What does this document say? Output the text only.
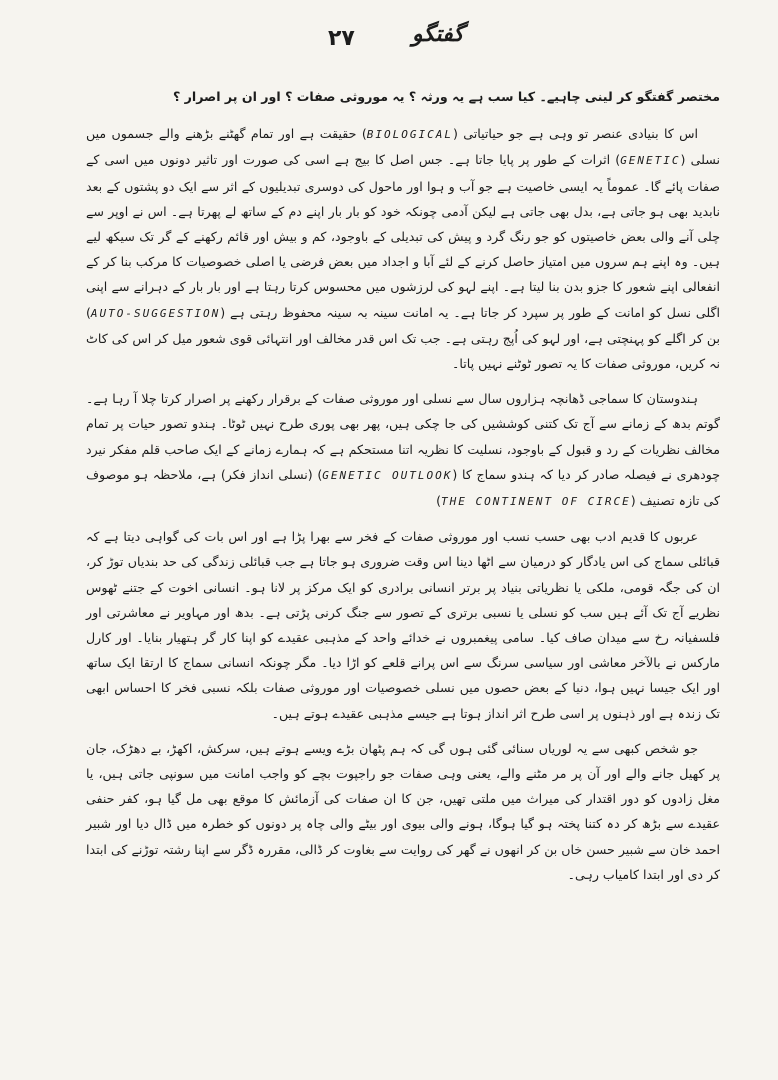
۲۷	گفتگو

مختصر گفتگو کر لینی چاہیے۔ کیا سب ہے یہ ورثہ ؟ یہ موروثی صفات ؟ اور ان پر اصرار ؟

اس کا بنیادی عنصر تو وہی ہے جو حیاتیاتی (BIOLOGICAL) حقیقت ہے اور تمام گھٹنے بڑھنے والے جسموں میں نسلی (GENETIC) اثرات کے طور پر پایا جاتا ہے۔ جس اصل کا بیج ہے اسی کی صورت اور تاثیر دونوں میں اسی کے صفات پائے گا۔ عموماً یہ ایسی خاصیت ہے جو آب و ہوا اور ماحول کی دوسری تبدیلیوں کے اثر سے ایک دو پشتوں کے بعد نابدید بھی ہو جاتی ہے، بدل بھی جاتی ہے لیکن آدمی چونکہ خود کو بار بار اپنے دم کے ساتھ لے پھرتا ہے۔ اس نے اوپر سے چلی آنے والی بعض خاصیتوں کو جو رنگ گرد و پیش کی تبدیلی کے باوجود، کم و بیش اور قائم رکھنے کے گر تک سیکھ لیے ہیں۔ وہ اپنے ہم سروں میں امتیاز حاصل کرنے کے لئے آبا و اجداد میں بعض فرضی یا اصلی خصوصیات کا مرکب بنا کر کے انفعالی اپنے شعور کا جزو بدن بنا لیتا ہے۔ اپنے لہو کی لرزشوں میں محسوس کرتا رہتا ہے اور بار بار کے دہرانے سے اپنی اگلی نسل کو امانت کے طور پر سپرد کر جاتا ہے۔ یہ امانت سینہ بہ سینہ محفوظ رہتی ہے (AUTO-SUGGESTION) بن کر اگلے کو پہنچتی ہے، اور لہو کی اُپج رہتی ہے۔ جب تک اس قدر مخالف اور انتہائی قوی شعور میل کر اس کی کاٹ نہ کریں، موروثی صفات کا یہ تصور ٹوٹنے نہیں پاتا۔

ہندوستان کا سماجی ڈھانچہ ہزاروں سال سے نسلی اور موروثی صفات کے برقرار رکھنے پر اصرار کرتا چلا آ رہا ہے۔ گوتم بدھ کے زمانے سے آج تک کتنی کوششیں کی جا چکی ہیں، پھر بھی پوری طرح نہیں ٹوٹا۔ ہندو تصور حیات پر تمام مخالف نظریات کے رد و قبول کے باوجود، نسلیت کا نظریہ اتنا مستحکم ہے کہ ہمارے زمانے کے ایک صاحب قلم مفکر نیرد چودھری نے فیصلہ صادر کر دیا کہ ہندو سماج کا (GENETIC OUTLOOK) (نسلی انداز فکر) ہے، ملاحظہ ہو موصوف کی تازہ تصنیف (THE CONTINENT OF CIRCE)

عربوں کا قدیم ادب بھی حسب نسب اور موروثی صفات کے فخر سے بھرا پڑا ہے اور اس بات کی گواہی دیتا ہے کہ قبائلی سماج کی اس یادگار کو درمیان سے اٹھا دینا اس وقت ضروری ہو جاتا ہے جب قبائلی زندگی کی حد بندیاں توڑ کر، ان کی جگہ قومی، ملکی یا نظریاتی بنیاد پر برتر انسانی برادری کو ایک مرکز پر لانا ہو۔ انسانی اخوت کے جتنے ٹھوس نظریے آج تک آئے ہیں سب کو نسلی یا نسبی برتری کے تصور سے جنگ کرنی پڑتی ہے۔ بدھ اور مہاویر نے معاشرتی اور فلسفیانہ رخ سے میدان صاف کیا۔ سامی پیغمبروں نے خدائے واحد کے مذہبی عقیدے کو اپنا کار گر ہتھیار بنایا۔ اور کارل مارکس نے بالآخر معاشی اور سیاسی سرنگ سے اس پرانے قلعے کو اڑا دیا۔ مگر چونکہ انسانی سماج کا ارتقا ایک ساتھ اور ایک جیسا نہیں ہوا، دنیا کے بعض حصوں میں نسلی خصوصیات اور موروثی صفات بلکہ نسبی فخر کا احساس ابھی تک زندہ ہے اور ذہنوں پر اسی طرح اثر انداز ہوتا ہے جیسے مذہبی عقیدے ہوتے ہیں۔

جو شخص کبھی سے یہ لوریاں سنائی گئی ہوں گی کہ ہم پٹھان بڑے ویسے ہوتے ہیں، سرکش، اکھڑ، بے دھڑک، جان پر کھیل جانے والے اور آن پر مر مٹنے والے، یعنی وہی صفات جو راجپوت بچے کو واجب امانت میں سونپی جاتی ہیں، یا مغل زادوں کو دور اقتدار کی میراث میں ملتی تھیں، جن کا ان صفات کی آزمائش کا موقع بھی مل گیا ہو، کفر حنفی عقیدے سے بڑھ کر دہ کتنا پختہ ہو گیا ہوگا، ہونے والی بیوی اور بیٹے والی چاہ پر دونوں کو خطرہ میں ڈال دیا اور شبیر احمد خان سے شبیر حسن خاں بن کر انھوں نے گھر کی روایت سے بغاوت کر ڈالی، مقررہ ڈگر سے اپنا رشتہ توڑنے کی ابتدا کر دی اور ابتدا کامیاب رہی۔
